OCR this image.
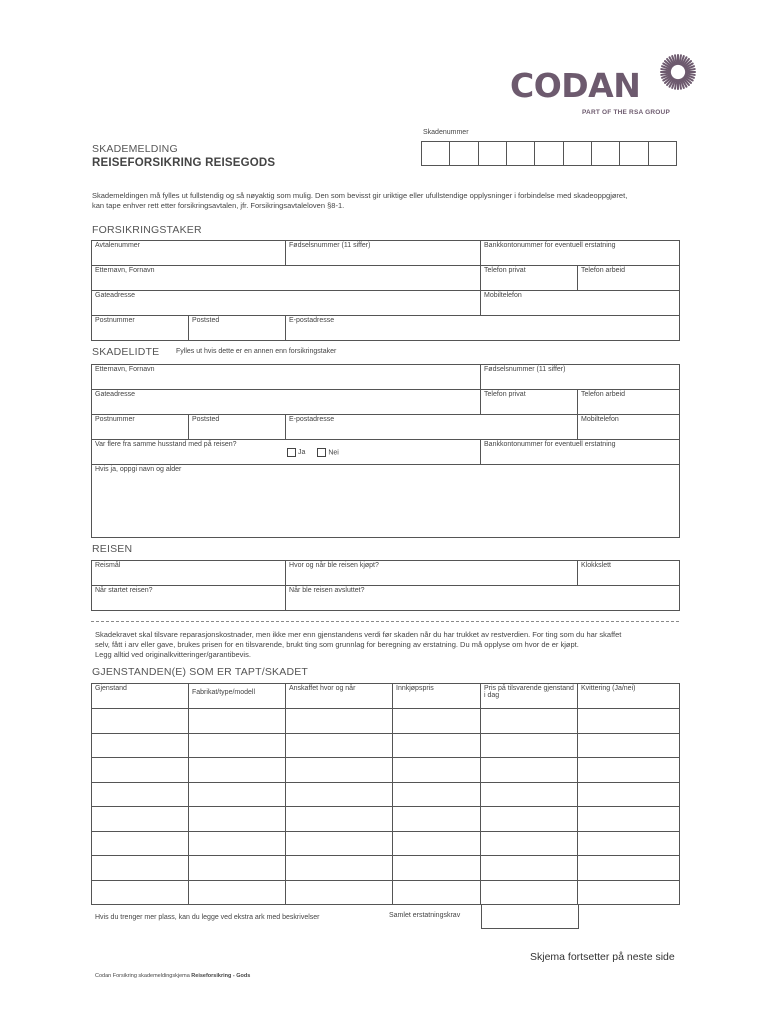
CODAN
PART OF THE RSA GROUP
Skadenummer
SKADEMELDING
REISEFORSIKRING REISEGODS
Skademeldingen må fylles ut fullstendig og så nøyaktig som mulig. Den som bevisst gir uriktige eller ufullstendige opplysninger i forbindelse med skadeoppgjøret,
kan tape enhver rett etter forsikringsavtalen, jfr. Forsikringsavtaleloven §8-1.
FORSIKRINGSTAKER
Avtalenummer		Fødselsnummer (11 siffer)	Bankkontonummer for eventuell erstatning	
Etternavn, Fornavn			Telefon privat	Telefon arbeid
Gateadresse			Mobiltelefon	
Postnummer	Poststed	E-postadresse		
SKADELIDTE Fylles ut hvis dette er en annen enn forsikringstaker
Etternavn, Fornavn			Fødselsnummer (11 siffer)	
Gateadresse			Telefon privat	Telefon arbeid
Postnummer	Poststed	E-postadresse		Mobiltelefon
Var flere fra samme husstand med på reisen?
Ja Nei			Bankkontonummer for eventuell erstatning	
Hvis ja, oppgi navn og alder				
REISEN
Reismål	Hvor og når ble reisen kjøpt?	Klokkslett
Når startet reisen?	Når ble reisen avsluttet?	
Skadekravet skal tilsvare reparasjonskostnader, men ikke mer enn gjenstandens verdi før skaden når du har trukket av restverdien. For ting som du har skaffet
selv, fått i arv eller gave, brukes prisen for en tilsvarende, brukt ting som grunnlag for beregning av erstatning. Du må opplyse om hvor de er kjøpt.
Legg alltid ved originalkvitteringer/garantibevis.
GJENSTANDEN(E) SOM ER TAPT/SKADET
Gjenstand	Fabrikat/type/modell	Anskaffet hvor og når	Innkjøpspris	Pris på tilsvarende gjenstand i dag	Kvittering (Ja/nei)

Hvis du trenger mer plass, kan du legge ved ekstra ark med beskrivelser	Samlet erstatningskrav
Skjema fortsetter på neste side
Codan Forsikring skademeldingskjema Reiseforsikring - Gods
